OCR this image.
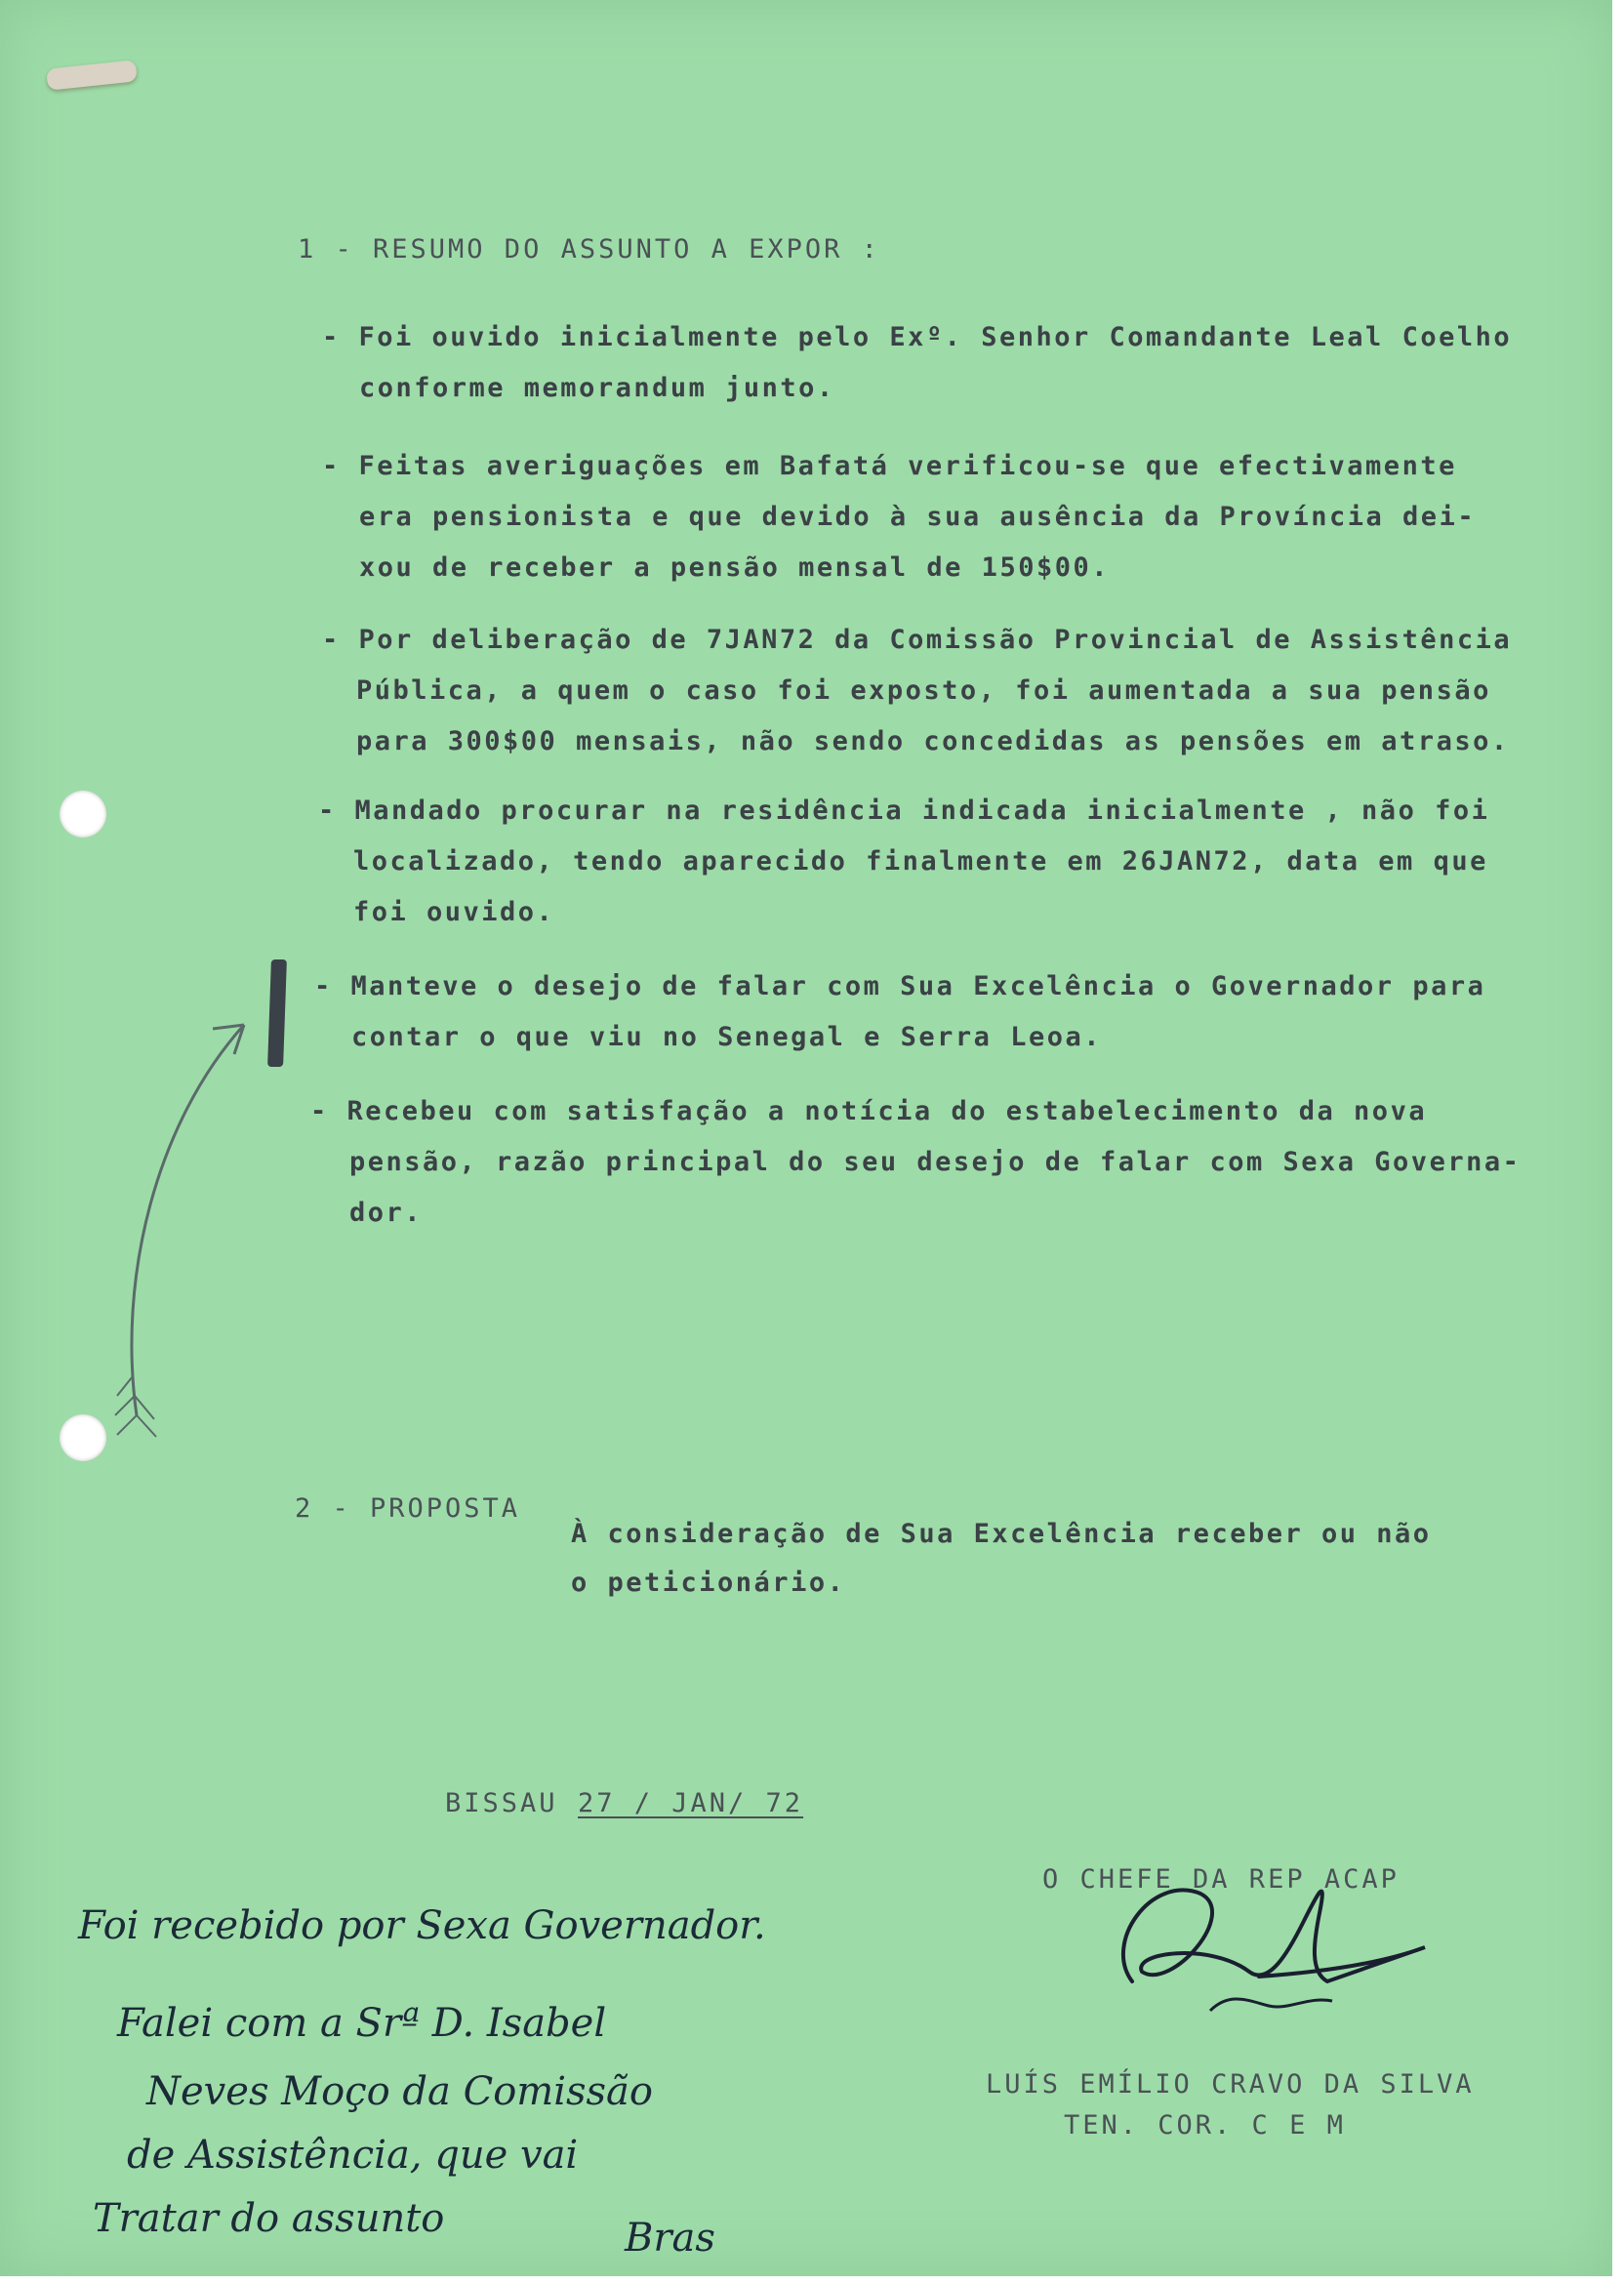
1 - RESUMO DO ASSUNTO A EXPOR :
- Foi ouvido inicialmente pelo Exº. Senhor Comandante Leal Coelho
conforme memorandum junto.
- Feitas averiguações em Bafatá verificou-se que efectivamente
era pensionista e que devido à sua ausência da Província dei-
xou de receber a pensão mensal de 150$00.
- Por deliberação de 7JAN72 da Comissão Provincial de Assistência
Pública, a quem o caso foi exposto, foi aumentada a sua pensão
para 300$00 mensais, não sendo concedidas as pensões em atraso.
- Mandado procurar na residência indicada inicialmente , não foi
localizado, tendo aparecido finalmente em 26JAN72, data em que
foi ouvido.
- Manteve o desejo de falar com Sua Excelência o Governador para
contar o que viu no Senegal e Serra Leoa.
- Recebeu com satisfação a notícia do estabelecimento da nova
pensão, razão principal do seu desejo de falar com Sexa Governa-
dor.
2 - PROPOSTA
À consideração de Sua Excelência receber ou não
o peticionário.
BISSAU 27 / JAN/ 72
O CHEFE DA REP ACAP
LUÍS EMÍLIO CRAVO DA SILVA
TEN. COR. C E M
Foi recebido por Sexa Governador.
Falei com a Srª D. Isabel
Neves Moço da Comissão
de Assistência, que vai
Tratar do assunto	Bras
